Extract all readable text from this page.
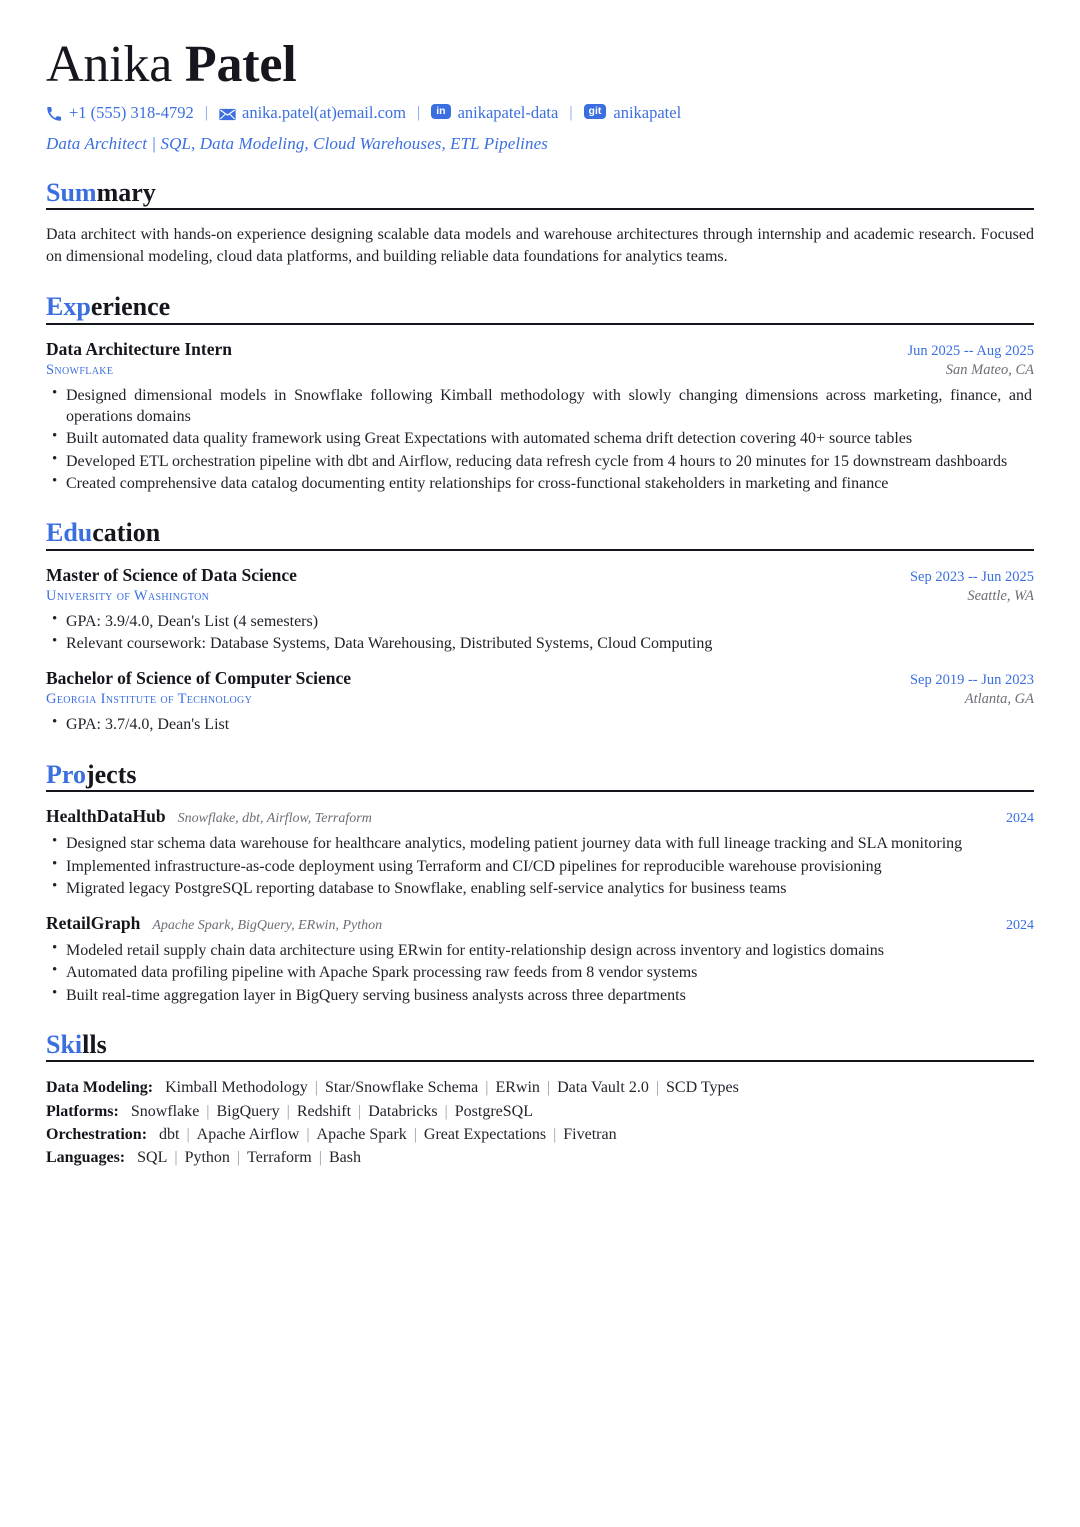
Anika Patel
+1 (555) 318-4792 |	anika.patel(at)email.com |	in anikapatel-data |	git anikapatel
Data Architect | SQL, Data Modeling, Cloud Warehouses, ETL Pipelines
Summary
Data architect with hands-on experience designing scalable data models and warehouse architectures through internship and academic research. Focused on dimensional modeling, cloud data platforms, and building reliable data foundations for analytics teams.
Experience
Data Architecture Intern	Jun 2025 -- Aug 2025
Snowflake	San Mateo, CA
• Designed dimensional models in Snowflake following Kimball methodology with slowly changing dimensions across marketing, finance, and operations domains
• Built automated data quality framework using Great Expectations with automated schema drift detection covering 40+ source tables
• Developed ETL orchestration pipeline with dbt and Airflow, reducing data refresh cycle from 4 hours to 20 minutes for 15 downstream dashboards
• Created comprehensive data catalog documenting entity relationships for cross-functional stakeholders in marketing and finance
Education
Master of Science of Data Science	Sep 2023 -- Jun 2025
University of Washington	Seattle, WA
• GPA: 3.9/4.0, Dean's List (4 semesters)
• Relevant coursework: Database Systems, Data Warehousing, Distributed Systems, Cloud Computing
Bachelor of Science of Computer Science	Sep 2019 -- Jun 2023
Georgia Institute of Technology	Atlanta, GA
• GPA: 3.7/4.0, Dean's List
Projects
HealthDataHub Snowflake, dbt, Airflow, Terraform	2024
• Designed star schema data warehouse for healthcare analytics, modeling patient journey data with full lineage tracking and SLA monitoring
• Implemented infrastructure-as-code deployment using Terraform and CI/CD pipelines for reproducible warehouse provisioning
• Migrated legacy PostgreSQL reporting database to Snowflake, enabling self-service analytics for business teams
RetailGraph Apache Spark, BigQuery, ERwin, Python	2024
• Modeled retail supply chain data architecture using ERwin for entity-relationship design across inventory and logistics domains
• Automated data profiling pipeline with Apache Spark processing raw feeds from 8 vendor systems
• Built real-time aggregation layer in BigQuery serving business analysts across three departments
Skills
Data Modeling: Kimball Methodology | Star/Snowflake Schema | ERwin | Data Vault 2.0 | SCD Types
Platforms: Snowflake | BigQuery | Redshift | Databricks | PostgreSQL
Orchestration: dbt | Apache Airflow | Apache Spark | Great Expectations | Fivetran
Languages: SQL | Python | Terraform | Bash
